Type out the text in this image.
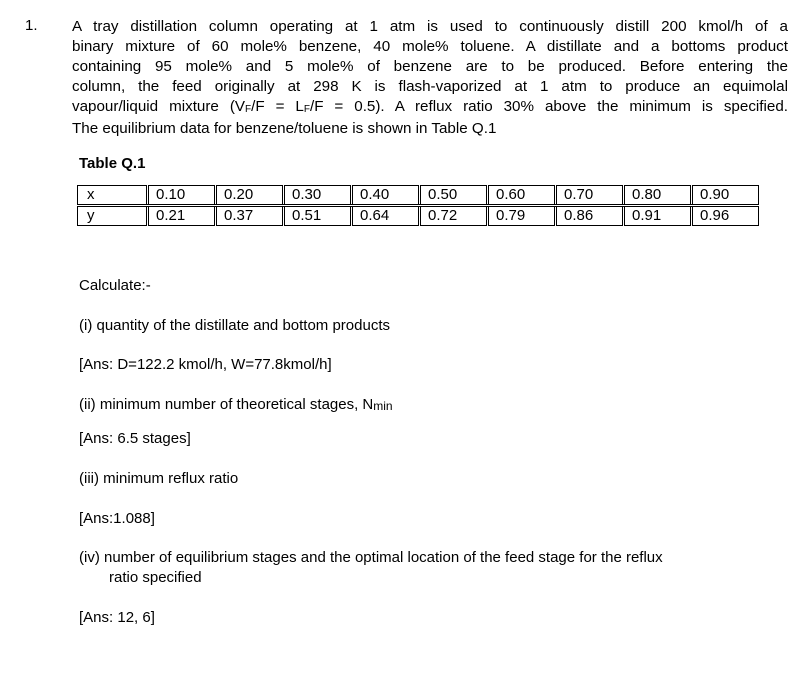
1. A tray distillation column operating at 1 atm is used to continuously distill 200 kmol/h of a
binary mixture of 60 mole% benzene, 40 mole% toluene. A distillate and a bottoms product
containing 95 mole% and 5 mole% of benzene are to be produced. Before entering the
column, the feed originally at 298 K is flash-vaporized at 1 atm to produce an equimolal
vapour/liquid mixture (VF/F = LF/F = 0.5). A reflux ratio 30% above the minimum is specified.
The equilibrium data for benzene/toluene is shown in Table Q.1
Table Q.1
x	0.10	0.20	0.30	0.40	0.50	0.60	0.70	0.80	0.90
y	0.21	0.37	0.51	0.64	0.72	0.79	0.86	0.91	0.96
Calculate:-
(i) quantity of the distillate and bottom products
[Ans: D=122.2 kmol/h, W=77.8kmol/h]
(ii) minimum number of theoretical stages, Nmin
[Ans: 6.5 stages]
(iii) minimum reflux ratio
[Ans:1.088]
(iv) number of equilibrium stages and the optimal location of the feed stage for the reflux
ratio specified
[Ans: 12, 6]
